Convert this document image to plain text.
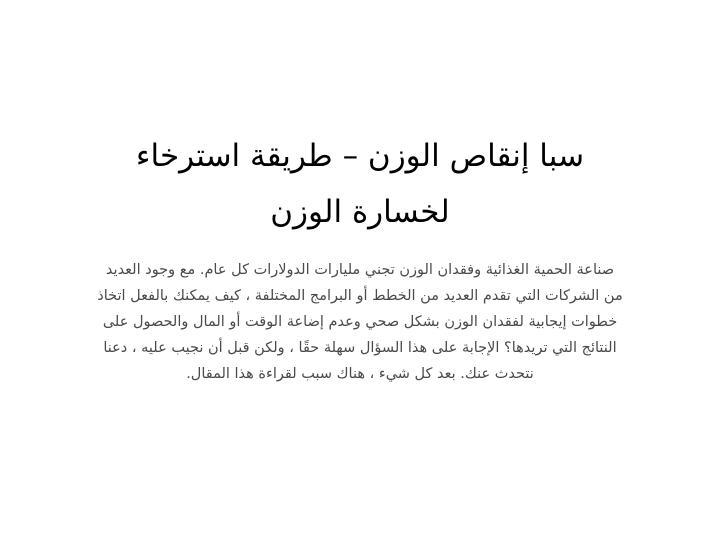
سبا إنقاص الوزن – طريقة استرخاء
لخسارة الوزن
صناعة الحمية الغذائية وفقدان الوزن تجني مليارات الدولارات كل عام. مع وجود العديد
من الشركات التي تقدم العديد من الخطط أو البرامج المختلفة ، كيف يمكنك بالفعل اتخاذ
خطوات إيجابية لفقدان الوزن بشكل صحي وعدم إضاعة الوقت أو المال والحصول على
النتائج التي تريدها؟ الإجابة على هذا السؤال سهلة حقًا ، ولكن قبل أن نجيب عليه ، دعنا
نتحدث عنك. بعد كل شيء ، هناك سبب لقراءة هذا المقال.
